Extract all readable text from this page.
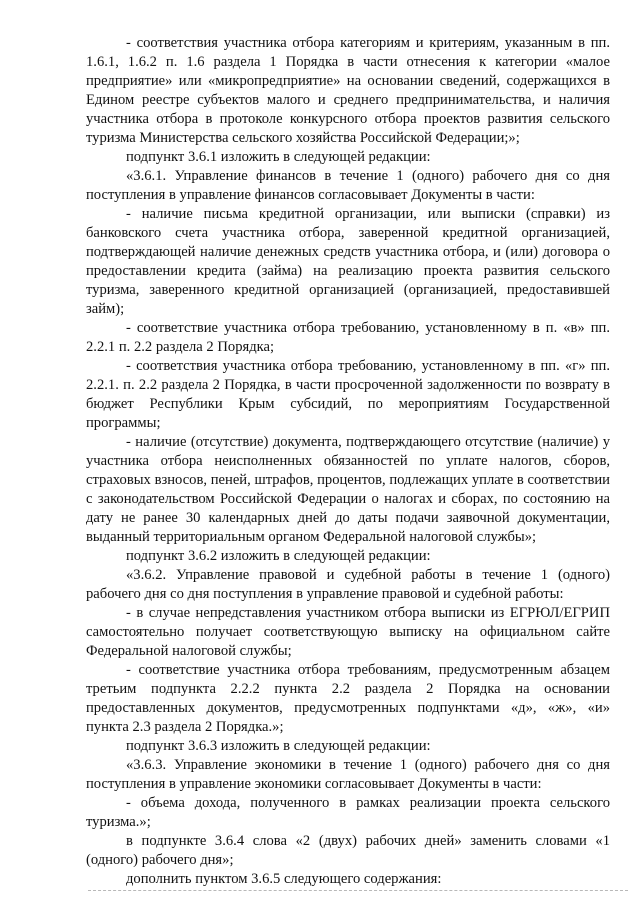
- соответствия участника отбора категориям и критериям, указанным в пп. 1.6.1, 1.6.2 п. 1.6 раздела 1 Порядка в части отнесения к категории «малое предприятие» или «микропредприятие» на основании сведений, содержащихся в Едином реестре субъектов малого и среднего предпринимательства, и наличия участника отбора в протоколе конкурсного отбора проектов развития сельского туризма Министерства сельского хозяйства Российской Федерации;»;

подпункт 3.6.1 изложить в следующей редакции:

«3.6.1. Управление финансов в течение 1 (одного) рабочего дня со дня поступления в управление финансов согласовывает Документы в части:

- наличие письма кредитной организации, или выписки (справки) из банковского счета участника отбора, заверенной кредитной организацией, подтверждающей наличие денежных средств участника отбора, и (или) договора о предоставлении кредита (займа) на реализацию проекта развития сельского туризма, заверенного кредитной организацией (организацией, предоставившей займ);

- соответствие участника отбора требованию, установленному в п. «в» пп. 2.2.1 п. 2.2 раздела 2 Порядка;

- соответствия участника отбора требованию, установленному в пп. «г» пп. 2.2.1. п. 2.2 раздела 2 Порядка, в части просроченной задолженности по возврату в бюджет Республики Крым субсидий, по мероприятиям Государственной программы;

- наличие (отсутствие) документа, подтверждающего отсутствие (наличие) у участника отбора неисполненных обязанностей по уплате налогов, сборов, страховых взносов, пеней, штрафов, процентов, подлежащих уплате в соответствии с законодательством Российской Федерации о налогах и сборах, по состоянию на дату не ранее 30 календарных дней до даты подачи заявочной документации, выданный территориальным органом Федеральной налоговой службы»;

подпункт 3.6.2 изложить в следующей редакции:

«3.6.2. Управление правовой и судебной работы в течение 1 (одного) рабочего дня со дня поступления в управление правовой и судебной работы:

- в случае непредставления участником отбора выписки из ЕГРЮЛ/ЕГРИП самостоятельно получает соответствующую выписку на официальном сайте Федеральной налоговой службы;

- соответствие участника отбора требованиям, предусмотренным абзацем третьим подпункта 2.2.2 пункта 2.2 раздела 2 Порядка на основании предоставленных документов, предусмотренных подпунктами «д», «ж», «и» пункта 2.3 раздела 2 Порядка.»;

подпункт 3.6.3 изложить в следующей редакции:

«3.6.3. Управление экономики в течение 1 (одного) рабочего дня со дня поступления в управление экономики согласовывает Документы в части:

- объема дохода, полученного в рамках реализации проекта сельского туризма.»;

в подпункте 3.6.4 слова «2 (двух) рабочих дней» заменить словами «1 (одного) рабочего дня»;

дополнить пунктом 3.6.5 следующего содержания:
